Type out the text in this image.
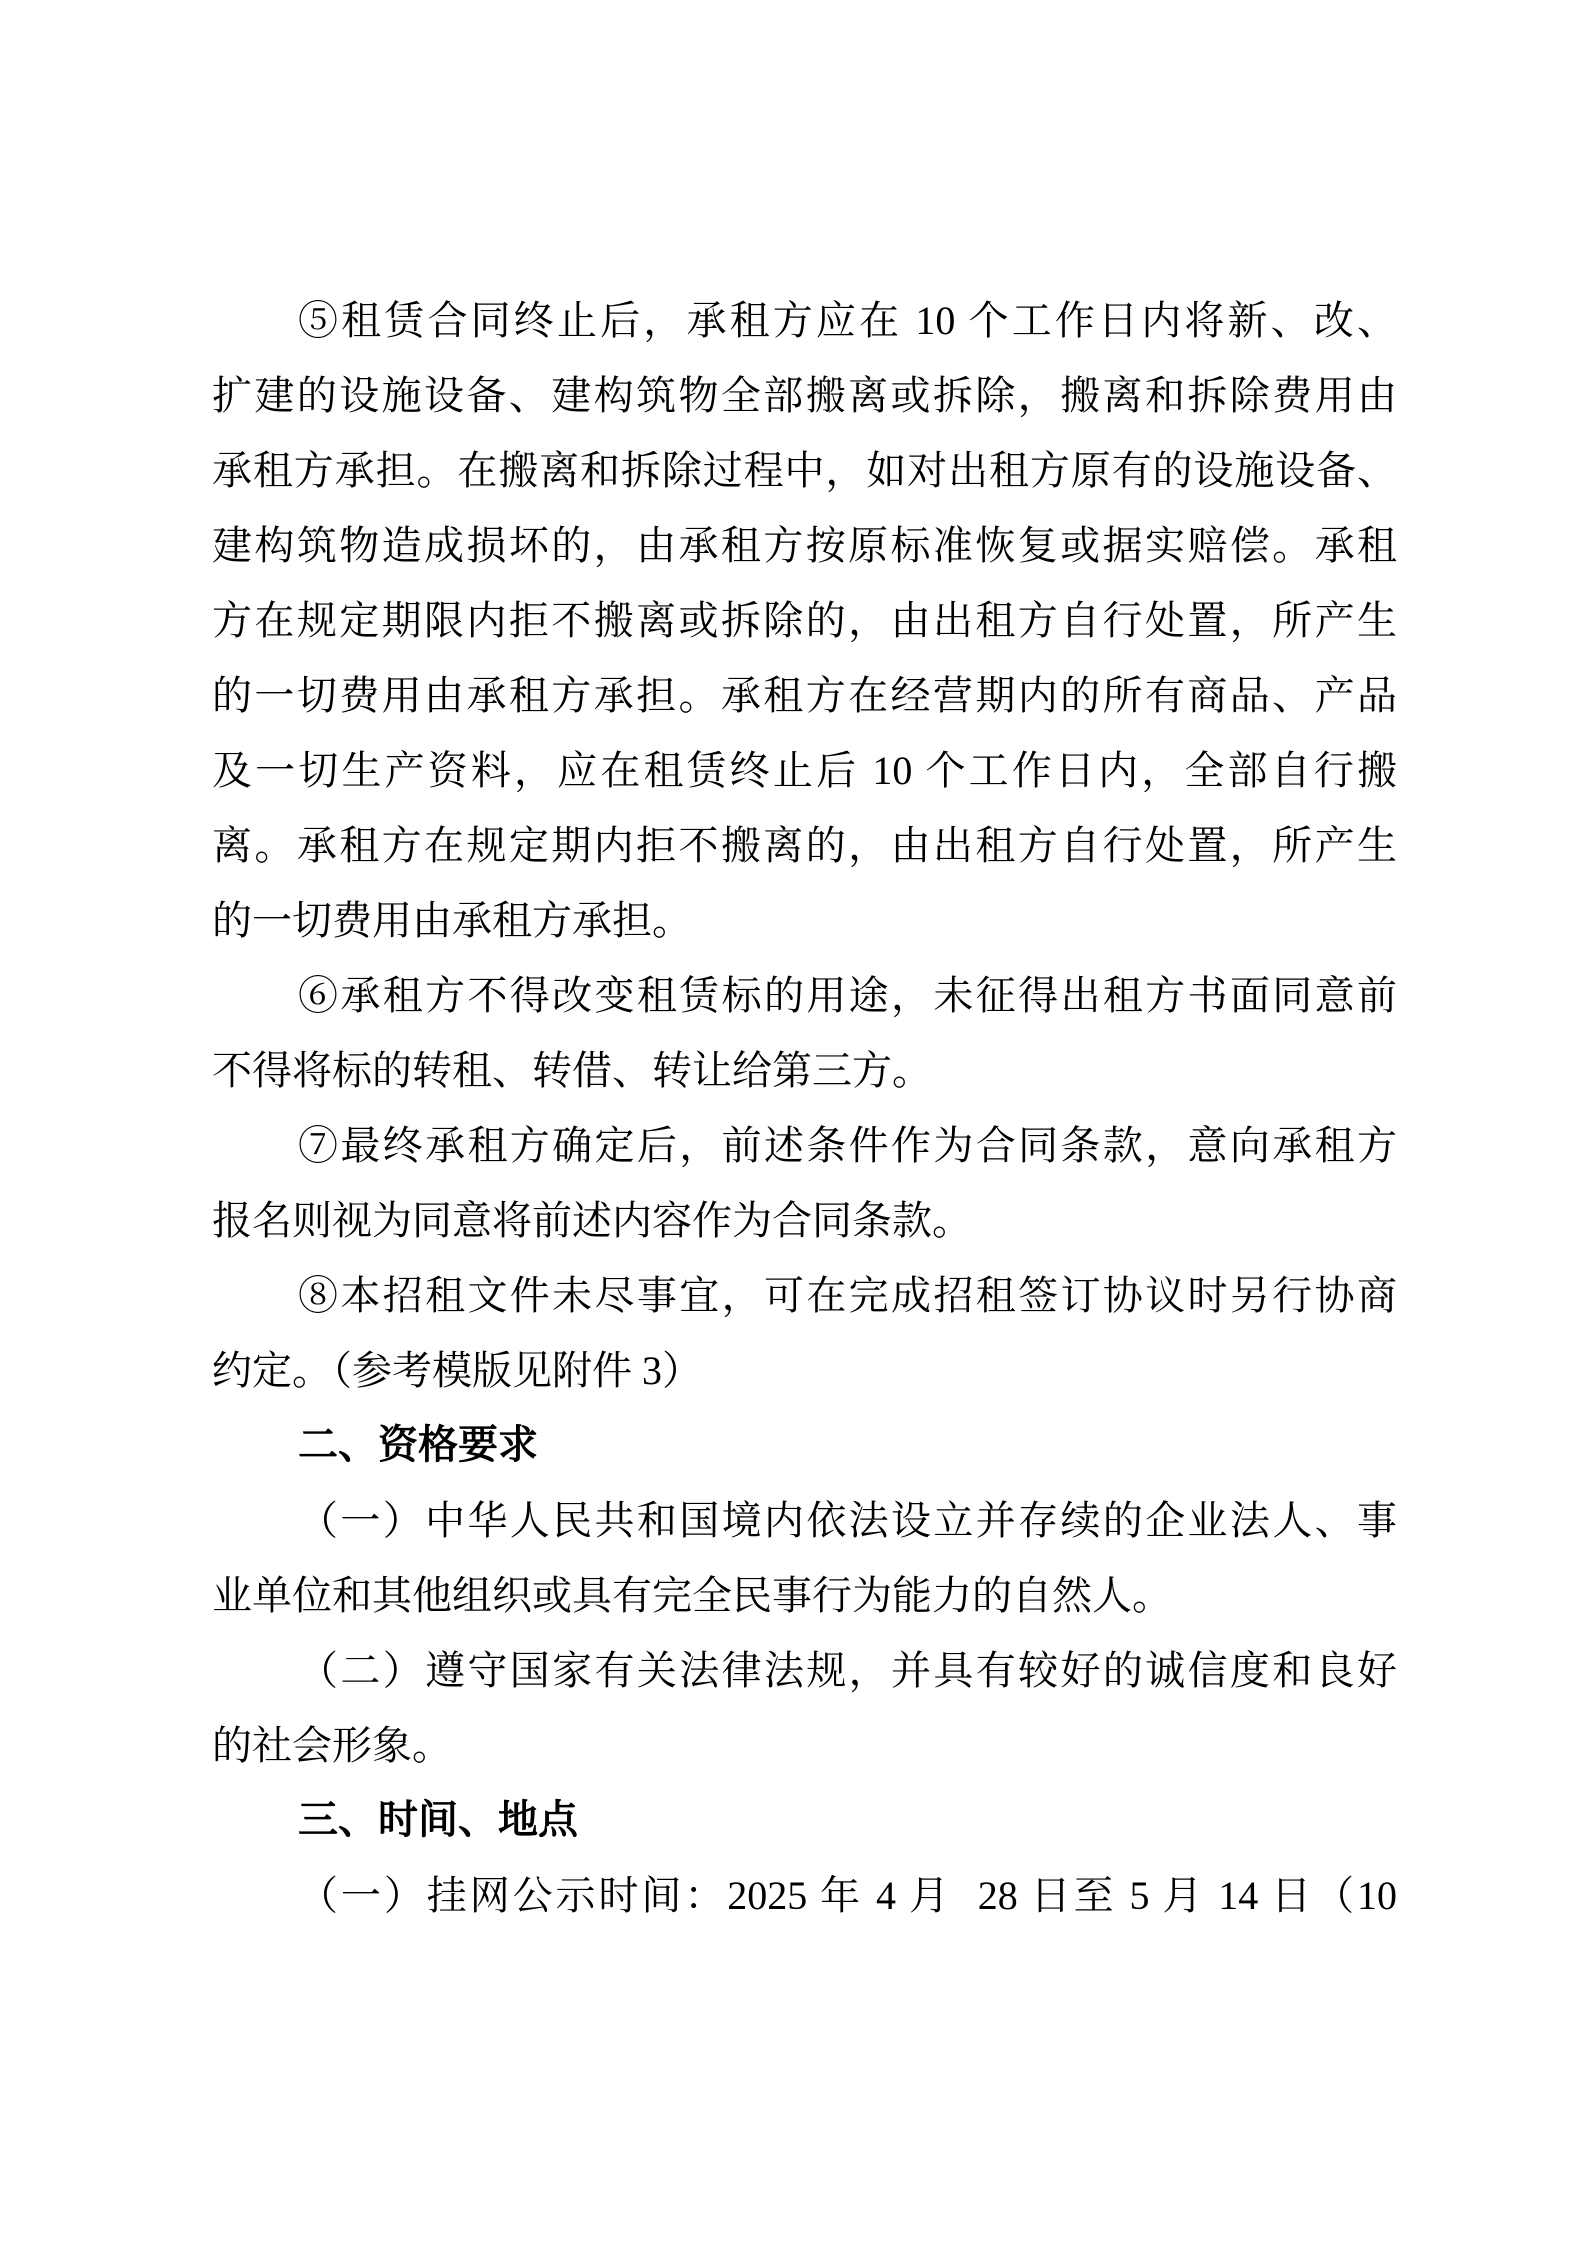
⑤租赁合同终止后，承租方应在 10 个工作日内将新、改、
扩建的设施设备、建构筑物全部搬离或拆除，搬离和拆除费用由
承租方承担。在搬离和拆除过程中，如对出租方原有的设施设备、
建构筑物造成损坏的，由承租方按原标准恢复或据实赔偿。承租
方在规定期限内拒不搬离或拆除的，由出租方自行处置，所产生
的一切费用由承租方承担。承租方在经营期内的所有商品、产品
及一切生产资料，应在租赁终止后 10 个工作日内，全部自行搬
离。承租方在规定期内拒不搬离的，由出租方自行处置，所产生
的一切费用由承租方承担。
⑥承租方不得改变租赁标的用途，未征得出租方书面同意前
不得将标的转租、转借、转让给第三方。
⑦最终承租方确定后，前述条件作为合同条款，意向承租方
报名则视为同意将前述内容作为合同条款。
⑧本招租文件未尽事宜，可在完成招租签订协议时另行协商
约定。（参考模版见附件 3）
二、资格要求
（一）中华人民共和国境内依法设立并存续的企业法人、事
业单位和其他组织或具有完全民事行为能力的自然人。
（二）遵守国家有关法律法规，并具有较好的诚信度和良好
的社会形象。
三、时间、地点
（一）挂网公示时间：2025 年 4 月  28 日至 5 月 14 日（10
